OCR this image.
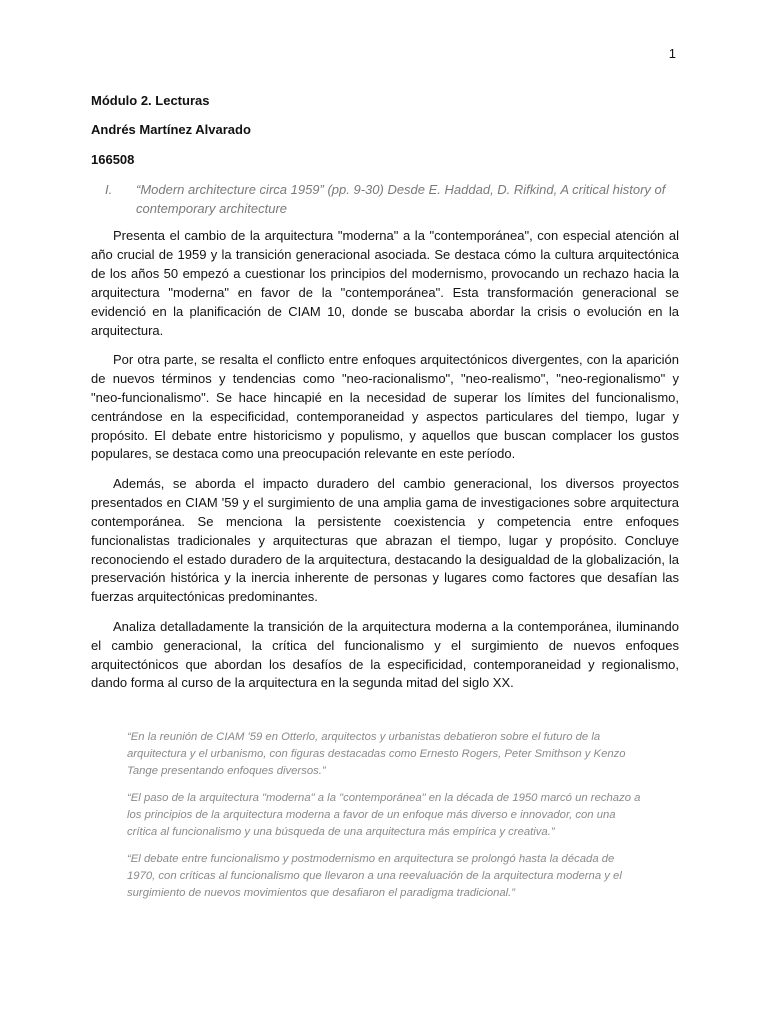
1
Módulo 2. Lecturas
Andrés Martínez Alvarado
166508
I.	“Modern architecture circa 1959” (pp. 9-30) Desde E. Haddad, D. Rifkind, A critical history of contemporary architecture

Presenta el cambio de la arquitectura "moderna" a la "contemporánea", con especial atención al año crucial de 1959 y la transición generacional asociada. Se destaca cómo la cultura arquitectónica de los años 50 empezó a cuestionar los principios del modernismo, provocando un rechazo hacia la arquitectura "moderna" en favor de la "contemporánea". Esta transformación generacional se evidenció en la planificación de CIAM 10, donde se buscaba abordar la crisis o evolución en la arquitectura.

Por otra parte, se resalta el conflicto entre enfoques arquitectónicos divergentes, con la aparición de nuevos términos y tendencias como "neo-racionalismo", "neo-realismo", "neo-regionalismo" y "neo-funcionalismo". Se hace hincapié en la necesidad de superar los límites del funcionalismo, centrándose en la especificidad, contemporaneidad y aspectos particulares del tiempo, lugar y propósito. El debate entre historicismo y populismo, y aquellos que buscan complacer los gustos populares, se destaca como una preocupación relevante en este período.

Además, se aborda el impacto duradero del cambio generacional, los diversos proyectos presentados en CIAM '59 y el surgimiento de una amplia gama de investigaciones sobre arquitectura contemporánea. Se menciona la persistente coexistencia y competencia entre enfoques funcionalistas tradicionales y arquitecturas que abrazan el tiempo, lugar y propósito. Concluye reconociendo el estado duradero de la arquitectura, destacando la desigualdad de la globalización, la preservación histórica y la inercia inherente de personas y lugares como factores que desafían las fuerzas arquitectónicas predominantes.

Analiza detalladamente la transición de la arquitectura moderna a la contemporánea, iluminando el cambio generacional, la crítica del funcionalismo y el surgimiento de nuevos enfoques arquitectónicos que abordan los desafíos de la especificidad, contemporaneidad y regionalismo, dando forma al curso de la arquitectura en la segunda mitad del siglo XX.

“En la reunión de CIAM '59 en Otterlo, arquitectos y urbanistas debatieron sobre el futuro de la arquitectura y el urbanismo, con figuras destacadas como Ernesto Rogers, Peter Smithson y Kenzo Tange presentando enfoques diversos.”

“El paso de la arquitectura "moderna" a la "contemporánea" en la década de 1950 marcó un rechazo a los principios de la arquitectura moderna a favor de un enfoque más diverso e innovador, con una crítica al funcionalismo y una búsqueda de una arquitectura más empírica y creativa.”

“El debate entre funcionalismo y postmodernismo en arquitectura se prolongó hasta la década de 1970, con críticas al funcionalismo que llevaron a una reevaluación de la arquitectura moderna y el surgimiento de nuevos movimientos que desafiaron el paradigma tradicional.”
